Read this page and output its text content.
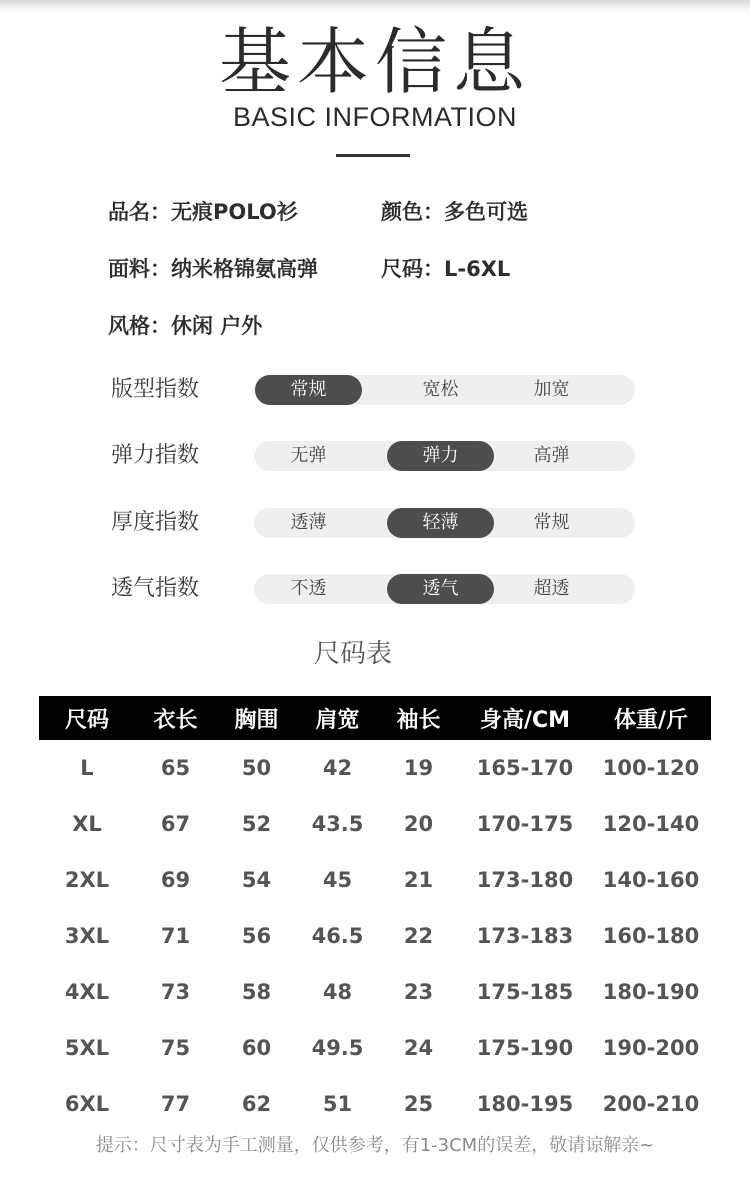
基本信息
BASIC INFORMATION
品名：无痕POLO衫	颜色：多色可选
面料：纳米格锦氨高弹	尺码：L-6XL
风格：休闲 户外
版型指数	常规	宽松	加宽
弹力指数	无弹	弹力	高弹
厚度指数	透薄	轻薄	常规
透气指数	不透	透气	超透
尺码表
尺码	衣长	胸围	肩宽	袖长	身高/CM	体重/斤
L	65	50	42	19	165-170	100-120
XL	67	52	43.5	20	170-175	120-140
2XL	69	54	45	21	173-180	140-160
3XL	71	56	46.5	22	173-183	160-180
4XL	73	58	48	23	175-185	180-190
5XL	75	60	49.5	24	175-190	190-200
6XL	77	62	51	25	180-195	200-210
提示：尺寸表为手工测量，仅供参考，有1-3CM的误差，敬请谅解亲~
